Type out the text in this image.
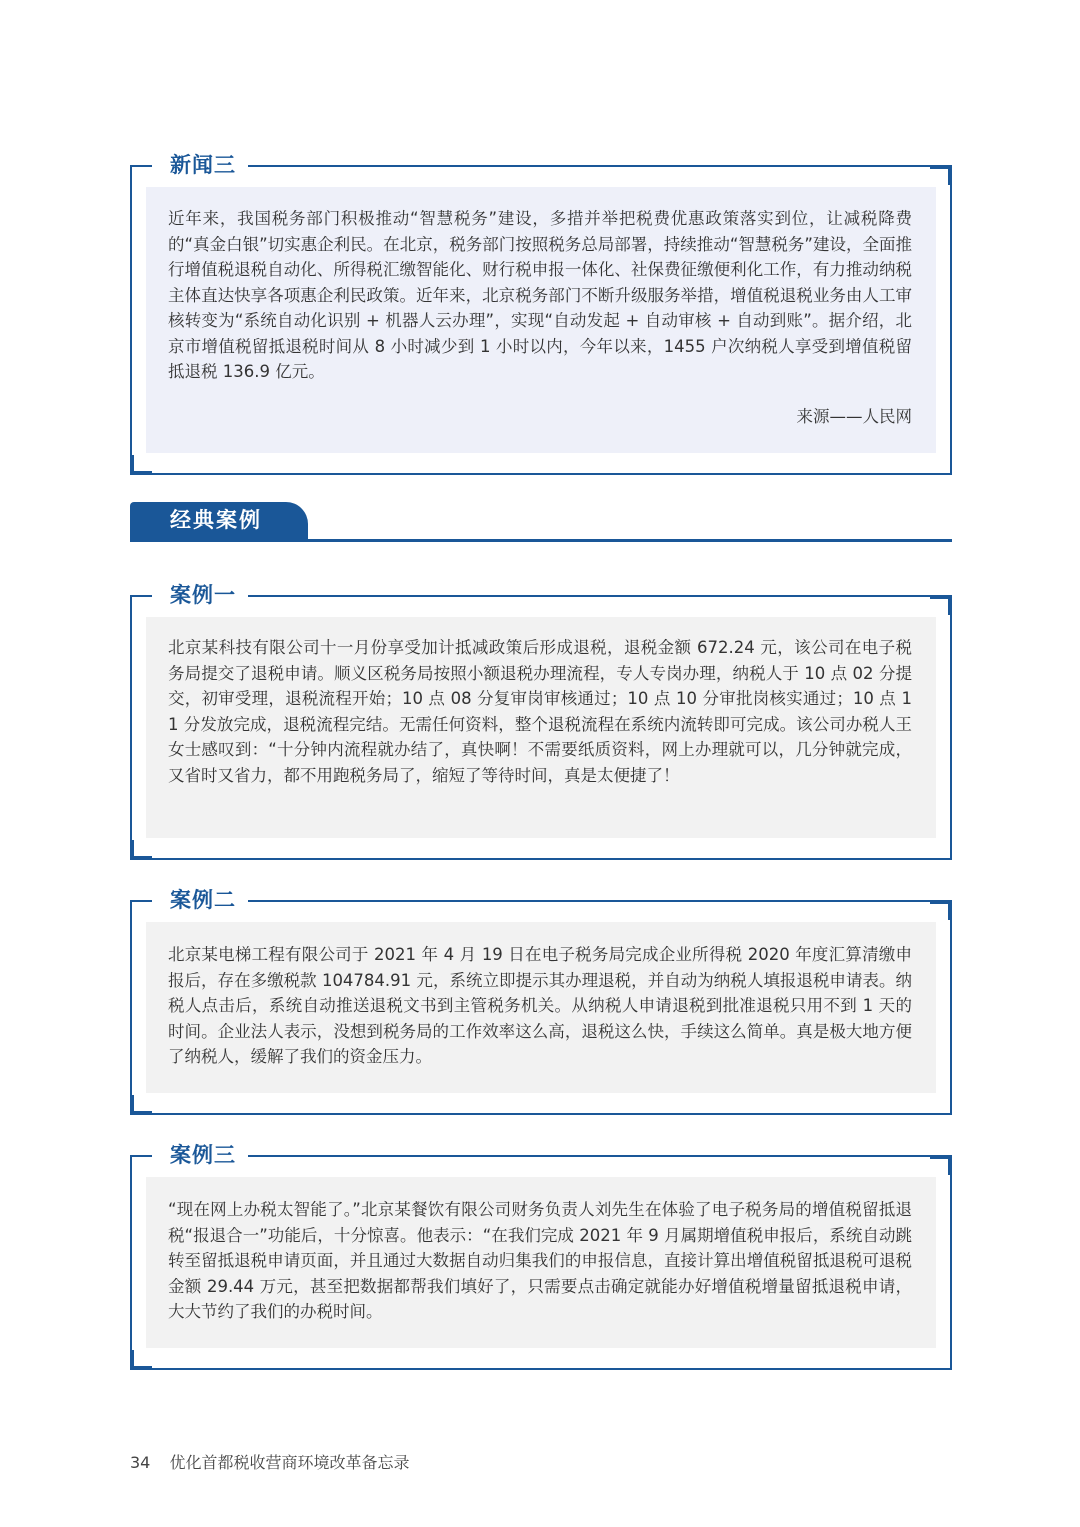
新闻三

近年来，我国税务部门积极推动“智慧税务”建设，多措并举把税费优惠政策落实到位，让减税降费的“真金白银”切实惠企利民。在北京，税务部门按照税务总局部署，持续推动“智慧税务”建设，全面推行增值税退税自动化、所得税汇缴智能化、财行税申报一体化、社保费征缴便利化工作，有力推动纳税主体直达快享各项惠企利民政策。近年来，北京税务部门不断升级服务举措，增值税退税业务由人工审核转变为“系统自动化识别 + 机器人云办理”，实现“自动发起 + 自动审核 + 自动到账”。据介绍，北京市增值税留抵退税时间从 8 小时减少到 1 小时以内，今年以来，1455 户次纳税人享受到增值税留抵退税 136.9 亿元。

来源——人民网

经典案例
案例一

北京某科技有限公司十一月份享受加计抵减政策后形成退税，退税金额 672.24 元，该公司在电子税务局提交了退税申请。顺义区税务局按照小额退税办理流程，专人专岗办理，纳税人于 10 点 02 分提交，初审受理，退税流程开始；10 点 08 分复审岗审核通过；10 点 10 分审批岗核实通过；10 点 11 分发放完成，退税流程完结。无需任何资料，整个退税流程在系统内流转即可完成。该公司办税人王女士感叹到：“十分钟内流程就办结了，真快啊！不需要纸质资料，网上办理就可以，几分钟就完成，又省时又省力，都不用跑税务局了，缩短了等待时间，真是太便捷了！

案例二

北京某电梯工程有限公司于 2021 年 4 月 19 日在电子税务局完成企业所得税 2020 年度汇算清缴申报后，存在多缴税款 104784.91 元，系统立即提示其办理退税，并自动为纳税人填报退税申请表。纳税人点击后，系统自动推送退税文书到主管税务机关。从纳税人申请退税到批准退税只用不到 1 天的时间。企业法人表示，没想到税务局的工作效率这么高，退税这么快，手续这么简单。真是极大地方便了纳税人，缓解了我们的资金压力。

案例三

“现在网上办税太智能了。”北京某餐饮有限公司财务负责人刘先生在体验了电子税务局的增值税留抵退税“报退合一”功能后，十分惊喜。他表示：“在我们完成 2021 年 9 月属期增值税申报后，系统自动跳转至留抵退税申请页面，并且通过大数据自动归集我们的申报信息，直接计算出增值税留抵退税可退税金额 29.44 万元，甚至把数据都帮我们填好了，只需要点击确定就能办好增值税增量留抵退税申请，大大节约了我们的办税时间。

34 优化首都税收营商环境改革备忘录
